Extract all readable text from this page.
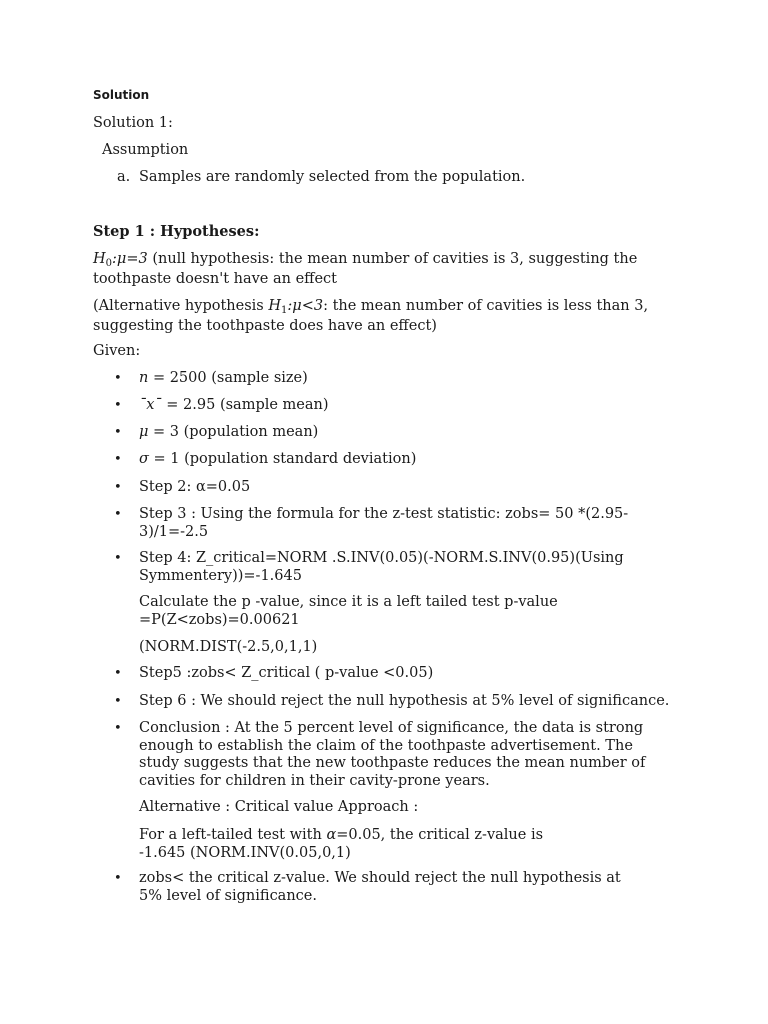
Solution
Solution 1:
Assumption
a. Samples are randomly selected from the population.
Step 1 : Hypotheses:
$H_0:\mu=3$ (null hypothesis: the mean number of cavities is 3, suggesting the
toothpaste doesn't have an effect
(Alternative hypothesis $H_1:\mu<3$: the mean number of cavities is less than 3,
suggesting the toothpaste does have an effect)
Given:
• n = 2500 (sample size)
• ˉxˉ = 2.95 (sample mean)
• μ = 3 (population mean)
• σ = 1 (population standard deviation)
• Step 2: α=0.05
• Step 3 : Using the formula for the z-test statistic: zobs= 50 *(2.95-3)/1=-2.5
• Step 4: Z_critical=NORM .S.INV(0.05)(-NORM.S.INV(0.95)(Using Symmentery))=-1.645
Calculate the p -value, since it is a left tailed test p-value =P(Z<zobs)=0.00621
(NORM.DIST(-2.5,0,1,1)
• Step5 :zobs< Z_critical ( p-value <0.05)
• Step 6 : We should reject the null hypothesis at 5% level of significance.
• Conclusion : At the 5 percent level of significance, the data is strong enough to establish the claim of the toothpaste advertisement. The study suggests that the new toothpaste reduces the mean number of cavities for children in their cavity-prone years.
Alternative : Critical value Approach :
For a left-tailed test with α=0.05, the critical z-value is -1.645 (NORM.INV(0.05,0,1)
• zobs< the critical z-value. We should reject the null hypothesis at 5% level of significance.
